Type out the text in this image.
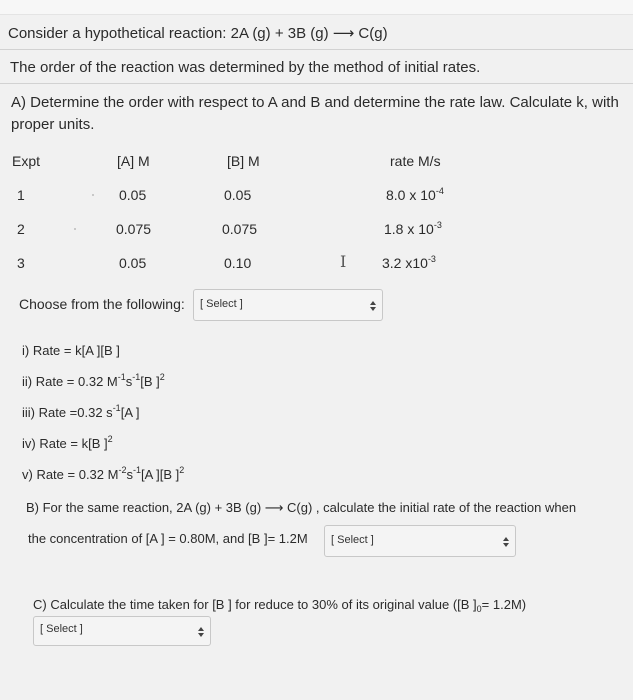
Consider a hypothetical reaction: 2A (g) + 3B (g) ⟶ C(g)
The order of the reaction was determined by the method of initial rates.
A) Determine the order with respect to A and B and determine the rate law. Calculate k, with proper units.
Expt	[A] M	[B] M	rate M/s
1	0.05	0.05	8.0 x $10^{-4}$
2	0.075	0.075	1.8 x $10^{-3}$
3	0.05	0.10	3.2 $x10^{-3}$
I
Choose from the following: [ Select ]
i) Rate = k[A ][B ]
ii) Rate = 0.32 $M^{-1}s^{-1}[B$ ]$^2$
iii) Rate =0.32 $s^{-1}[A$ ]
iv) Rate = k[B ]$^2$
v) Rate = 0.32 $M^{-2}s^{-1}[A$ ][B ]$^2$
B) For the same reaction, 2A (g) + 3B (g) ⟶ C(g) , calculate the initial rate of the reaction when
the concentration of [A ] = 0.80M, and [B ]= 1.2M [ Select ]
C) Calculate the time taken for [B ] for reduce to 30% of its original value ([B ]$_0= 1.2M$)
[ Select ]
